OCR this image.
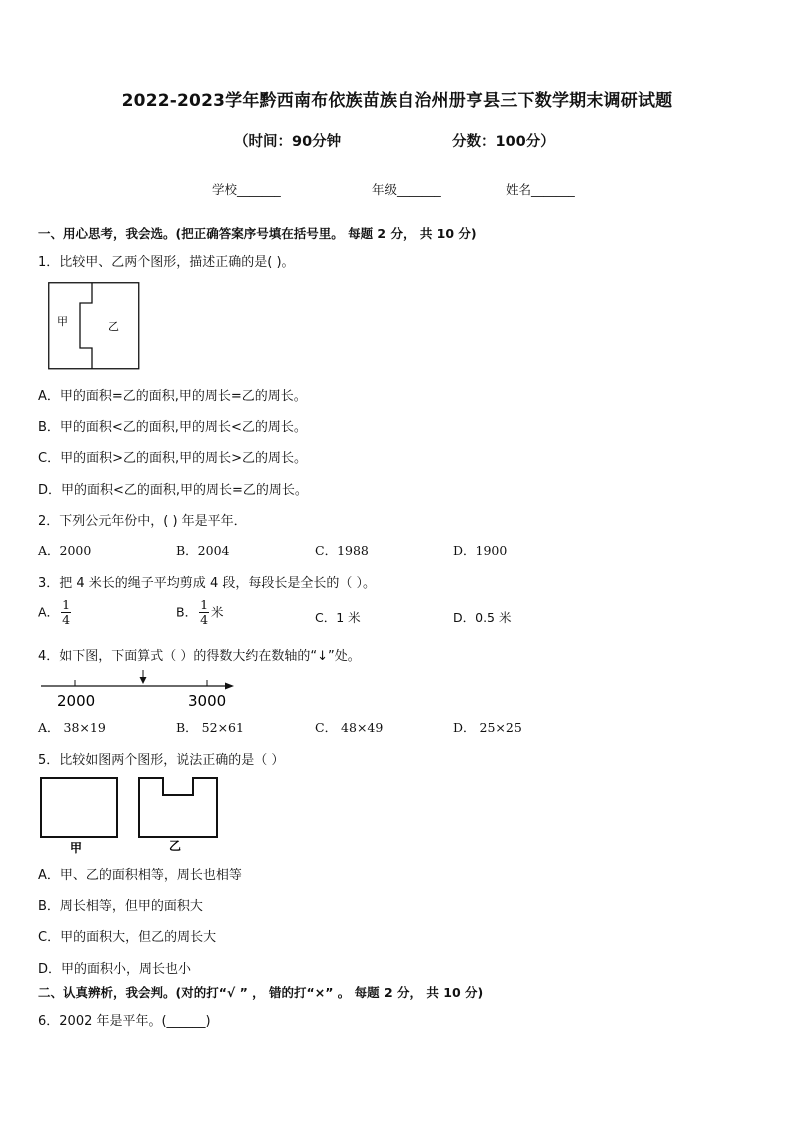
2022-2023学年黔西南布依族苗族自治州册亨县三下数学期末调研试题
（时间：90分钟	分数：100分）
学校_______	年级_______	姓名_______
一、用心思考，我会选。(把正确答案序号填在括号里。 每题 2 分， 共 10 分)
1．比较甲、乙两个图形，描述正确的是( )。
甲	乙
A．甲的面积=乙的面积,甲的周长=乙的周长。
B．甲的面积<乙的面积,甲的周长<乙的周长。
C．甲的面积>乙的面积,甲的周长>乙的周长。
D．甲的面积<乙的面积,甲的周长=乙的周长。
2．下列公元年份中，( ) 年是平年．
A．2000	B．2004	C．1988	D．1900
3．把 4 米长的绳子平均剪成 4 段，每段长是全长的（ ）。
A． $\frac{1}{4}$	B． $\frac{1}{4}$ 米	C．1 米	D．0.5 米
4．如下图，下面算式（ ）的得数大约在数轴的“↓”处。
2000	3000
A． 38×19	B． 52×61	C． 48×49	D． 25×25
5．比较如图两个图形，说法正确的是（ ）
甲	乙
A．甲、乙的面积相等，周长也相等
B．周长相等，但甲的面积大
C．甲的面积大，但乙的周长大
D．甲的面积小，周长也小
二、认真辨析，我会判。(对的打“√ ” ， 错的打“×” 。 每题 2 分， 共 10 分)
6．2002 年是平年。(______)
